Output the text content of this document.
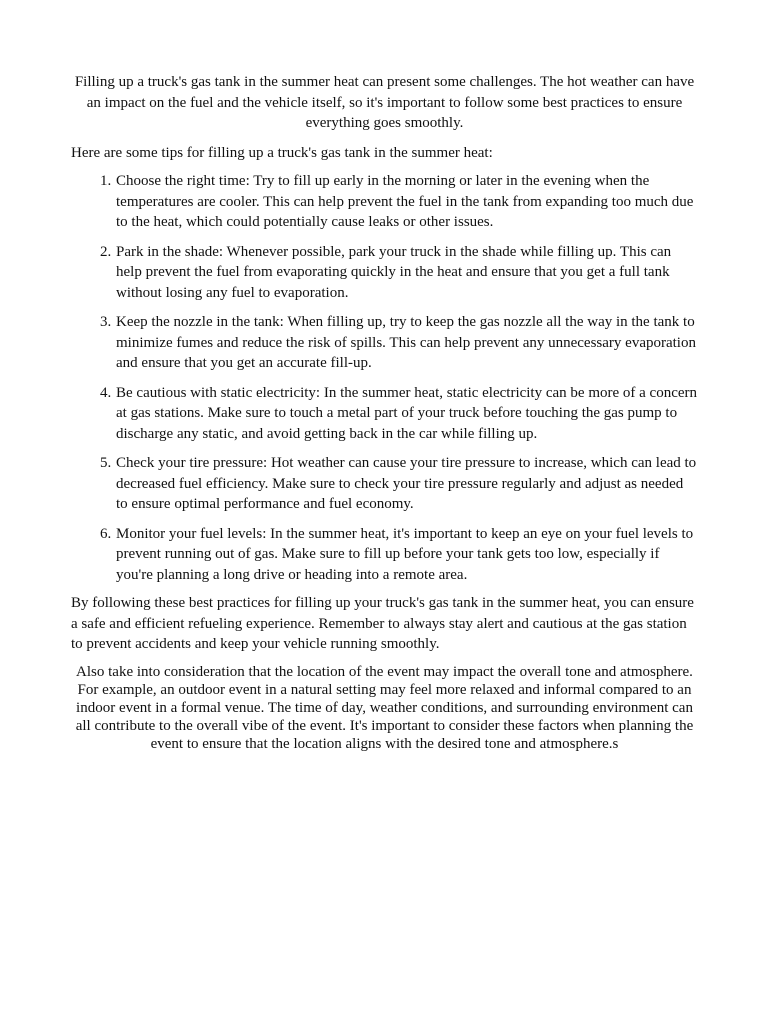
Filling up a truck's gas tank in the summer heat can present some challenges. The hot weather can have an impact on the fuel and the vehicle itself, so it's important to follow some best practices to ensure everything goes smoothly.

Here are some tips for filling up a truck's gas tank in the summer heat:

1. Choose the right time: Try to fill up early in the morning or later in the evening when the temperatures are cooler. This can help prevent the fuel in the tank from expanding too much due to the heat, which could potentially cause leaks or other issues.
2. Park in the shade: Whenever possible, park your truck in the shade while filling up. This can help prevent the fuel from evaporating quickly in the heat and ensure that you get a full tank without losing any fuel to evaporation.
3. Keep the nozzle in the tank: When filling up, try to keep the gas nozzle all the way in the tank to minimize fumes and reduce the risk of spills. This can help prevent any unnecessary evaporation and ensure that you get an accurate fill-up.
4. Be cautious with static electricity: In the summer heat, static electricity can be more of a concern at gas stations. Make sure to touch a metal part of your truck before touching the gas pump to discharge any static, and avoid getting back in the car while filling up.
5. Check your tire pressure: Hot weather can cause your tire pressure to increase, which can lead to decreased fuel efficiency. Make sure to check your tire pressure regularly and adjust as needed to ensure optimal performance and fuel economy.
6. Monitor your fuel levels: In the summer heat, it's important to keep an eye on your fuel levels to prevent running out of gas. Make sure to fill up before your tank gets too low, especially if you're planning a long drive or heading into a remote area.

By following these best practices for filling up your truck's gas tank in the summer heat, you can ensure a safe and efficient refueling experience. Remember to always stay alert and cautious at the gas station to prevent accidents and keep your vehicle running smoothly.

Also take into consideration that the location of the event may impact the overall tone and atmosphere. For example, an outdoor event in a natural setting may feel more relaxed and informal compared to an indoor event in a formal venue. The time of day, weather conditions, and surrounding environment can all contribute to the overall vibe of the event. It's important to consider these factors when planning the event to ensure that the location aligns with the desired tone and atmosphere.s
